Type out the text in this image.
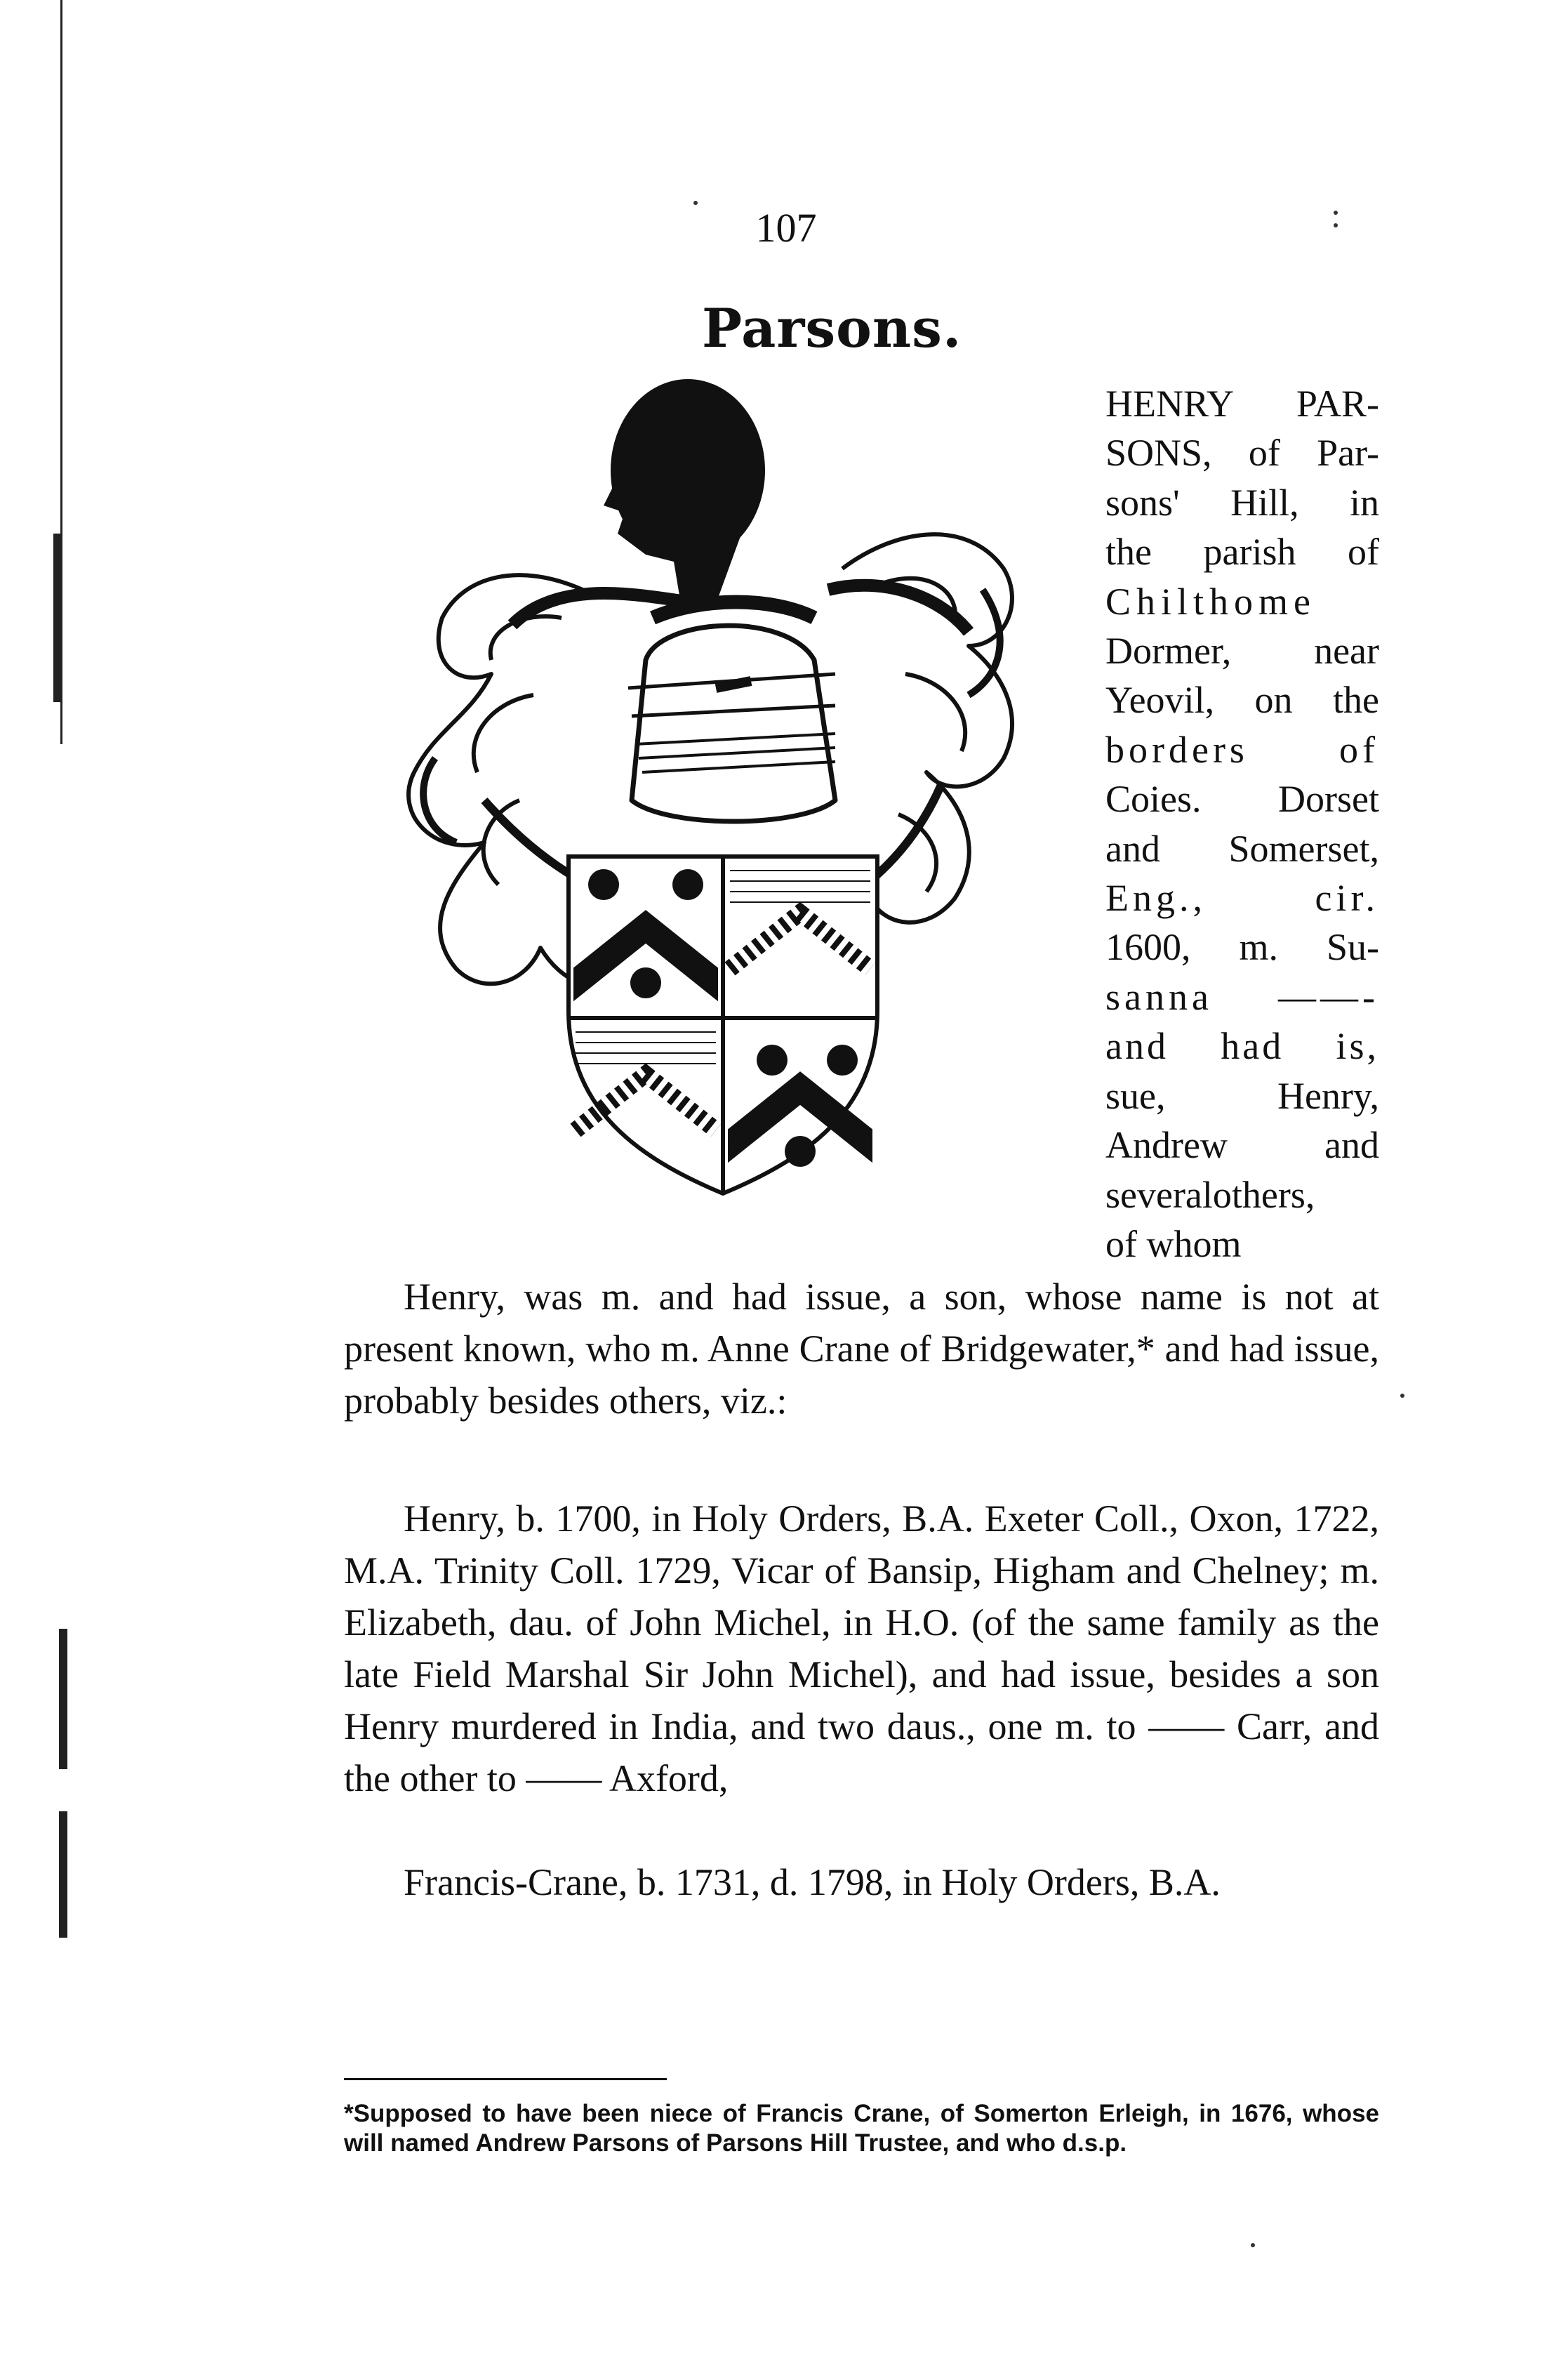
107
Parsons.
HENRY PAR-
SONS, of Par-
sons' Hill, in
the parish of
Chilthome
Dormer, near
Yeovil, on the
borders of
Coies. Dorset
and Somerset,
Eng., cir.
1600, m. Su-
sanna ——-
and had is,
sue, Henry,
Andrew and
severalothers,
of whom

Henry, was m. and had issue, a son, whose name is not at present known, who m. Anne Crane of Bridgewater,* and had issue, probably besides others, viz.:

Henry, b. 1700, in Holy Orders, B.A. Exeter Coll., Oxon, 1722, M.A. Trinity Coll. 1729, Vicar of Bansip, Higham and Chelney; m. Elizabeth, dau. of John Michel, in H.O. (of the same family as the late Field Marshal Sir John Michel), and had issue, besides a son Henry murdered in India, and two daus., one m. to —— Carr, and the other to —— Axford,

Francis-Crane, b. 1731, d. 1798, in Holy Orders, B.A.

*Supposed to have been niece of Francis Crane, of Somerton Erleigh, in 1676, whose will named Andrew Parsons of Parsons Hill Trustee, and who d.s.p.
